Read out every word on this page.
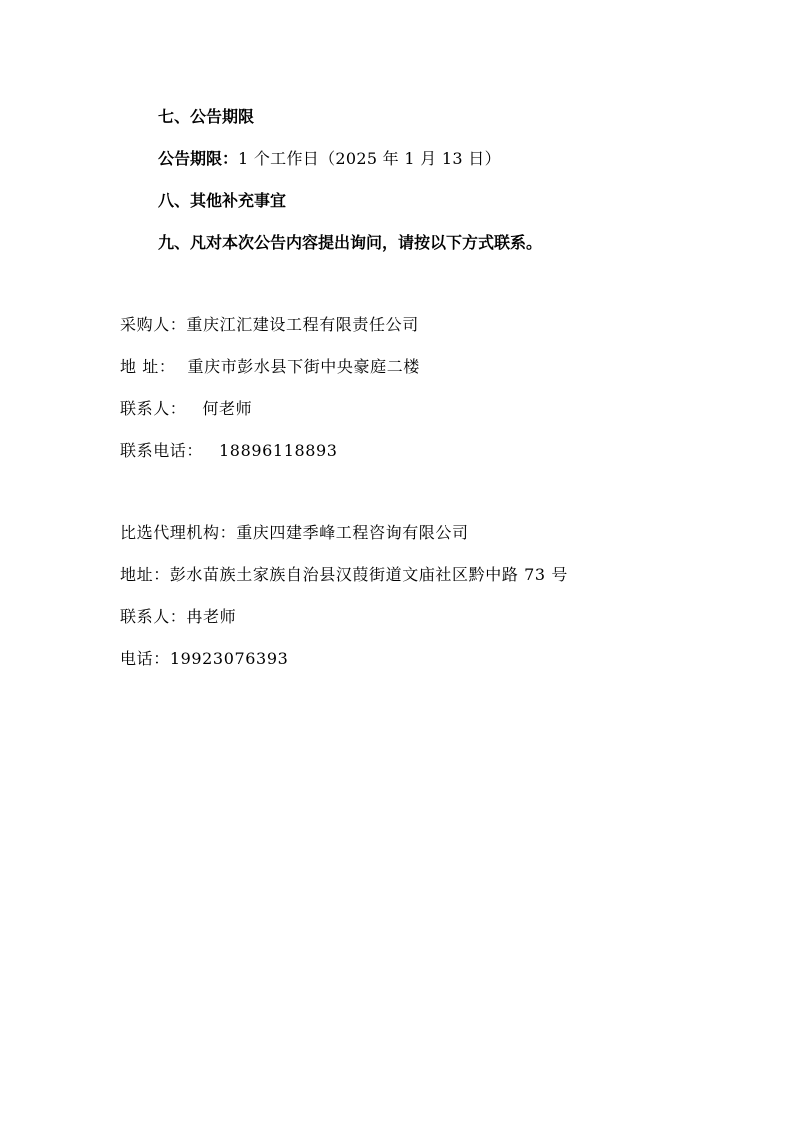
七、公告期限
公告期限：1 个工作日（2025 年 1 月 13 日）
八、其他补充事宜
九、凡对本次公告内容提出询问，请按以下方式联系。
采购人：重庆江汇建设工程有限责任公司
地 址： 重庆市彭水县下街中央豪庭二楼
联系人： 何老师
联系电话： 18896118893
比选代理机构：重庆四建季峰工程咨询有限公司
地址：彭水苗族土家族自治县汉葭街道文庙社区黔中路 73 号
联系人：冉老师
电话：19923076393
